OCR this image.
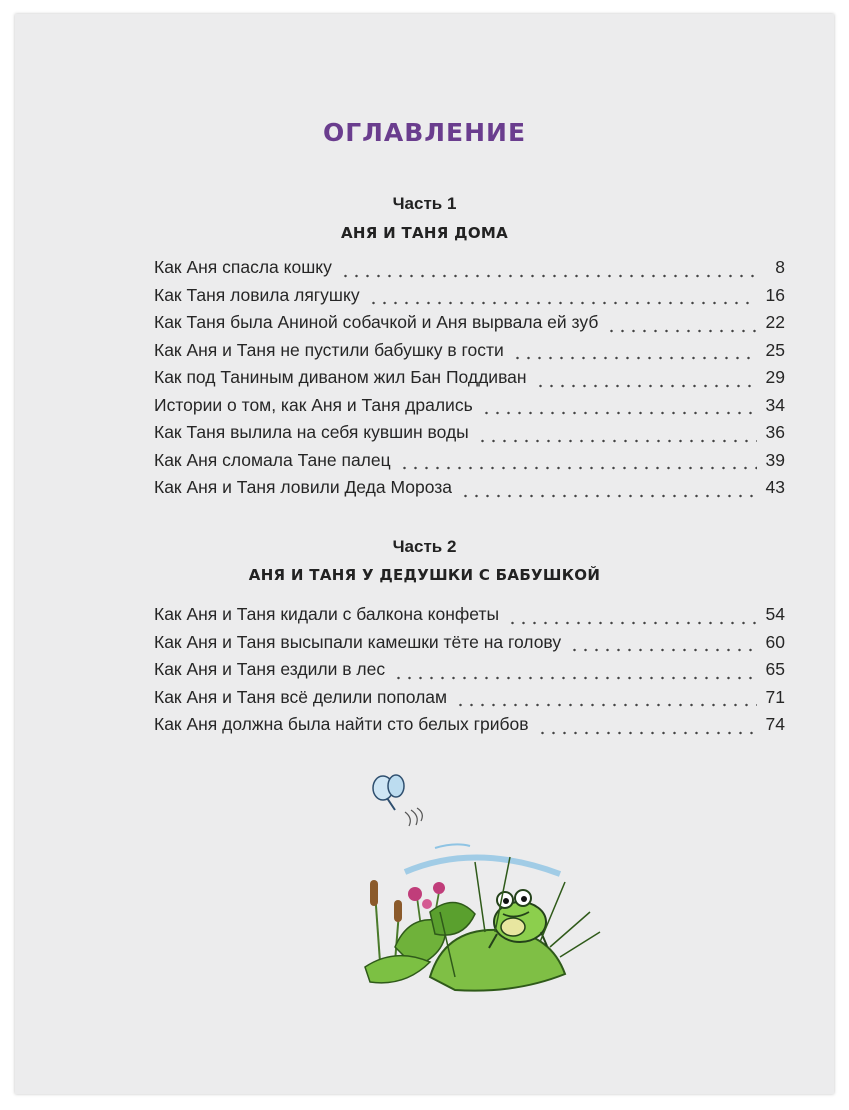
ОГЛАВЛЕНИЕ
Часть 1
АНЯ И ТАНЯ ДОМА
Как Аня спасла кошку	8
Как Таня ловила лягушку	16
Как Таня была Аниной собачкой и Аня вырвала ей зуб	22
Как Аня и Таня не пустили бабушку в гости	25
Как под Таниным диваном жил Бан Поддиван	29
Истории о том, как Аня и Таня дрались	34
Как Таня вылила на себя кувшин воды	36
Как Аня сломала Тане палец	39
Как Аня и Таня ловили Деда Мороза	43
Часть 2
АНЯ И ТАНЯ У ДЕДУШКИ С БАБУШКОЙ
Как Аня и Таня кидали с балкона конфеты	54
Как Аня и Таня высыпали камешки тёте на голову	60
Как Аня и Таня ездили в лес	65
Как Аня и Таня всё делили пополам	71
Как Аня должна была найти сто белых грибов	74
